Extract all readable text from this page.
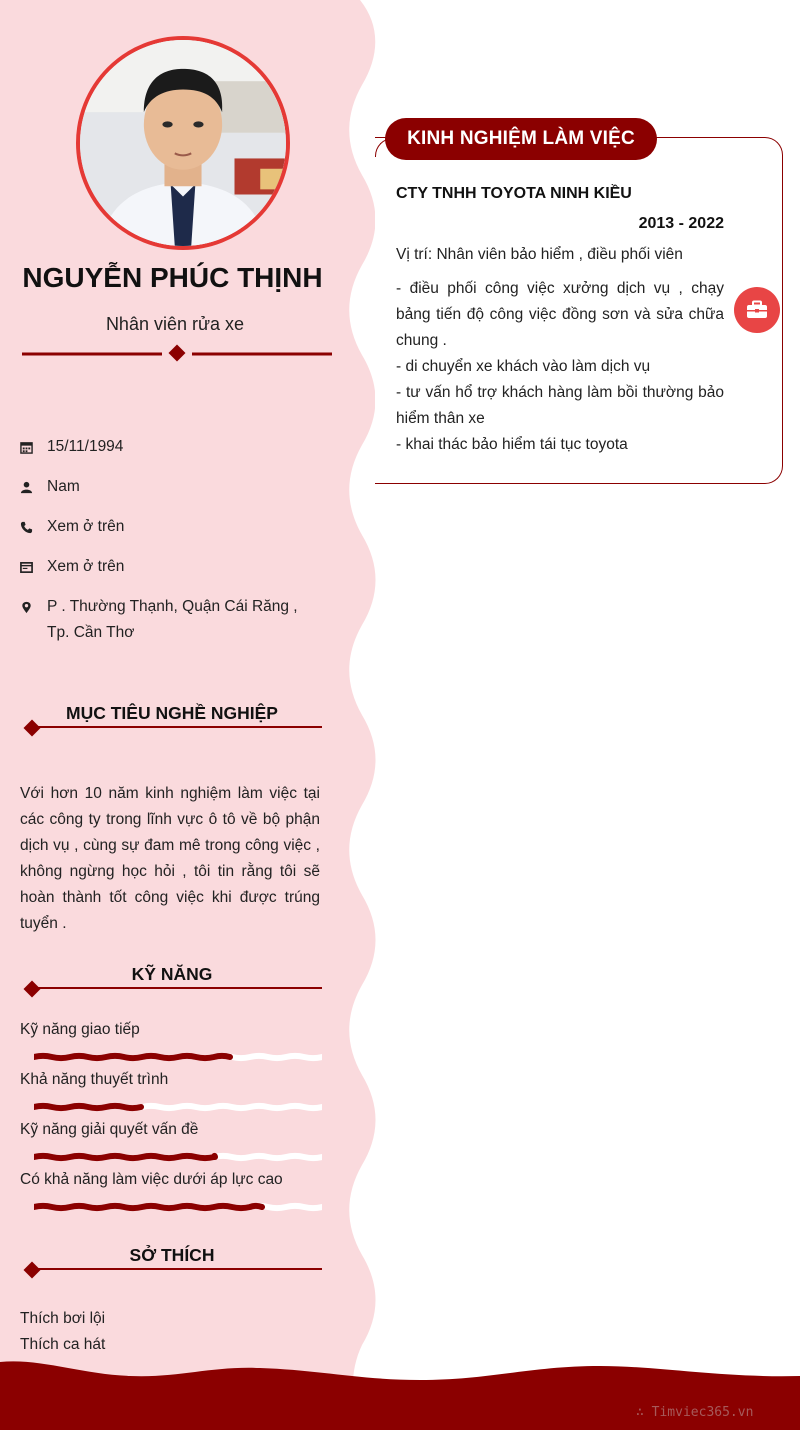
NGUYỄN PHÚC THỊNH
Nhân viên rửa xe
15/11/1994
Nam
Xem ở trên
Xem ở trên
P . Thường Thạnh, Quận Cái Răng , Tp. Cần Thơ
MỤC TIÊU NGHỀ NGHIỆP
Với hơn 10 năm kinh nghiệm làm việc tại các công ty trong lĩnh vực ô tô về bộ phận dịch vụ , cùng sự đam mê trong công việc , không ngừng học hỏi , tôi tin rằng tôi sẽ hoàn thành tốt công việc khi được trúng tuyển .
KỸ NĂNG
Kỹ năng giao tiếp
Khả năng thuyết trình
Kỹ năng giải quyết vấn đề
Có khả năng làm việc dưới áp lực cao
SỞ THÍCH
Thích bơi lội
Thích ca hát
KINH NGHIỆM LÀM VIỆC
CTY TNHH TOYOTA NINH KIỀU
2013 - 2022
Vị trí: Nhân viên bảo hiểm , điều phối viên
- điều phối công việc xưởng dịch vụ , chạy bảng tiến độ công việc đồng sơn và sửa chữa chung .
- di chuyển xe khách vào làm dịch vụ
- tư vấn hổ trợ khách hàng làm bồi thường bảo hiểm thân xe
- khai thác bảo hiểm tái tục toyota
∴ Timviec365.vn
